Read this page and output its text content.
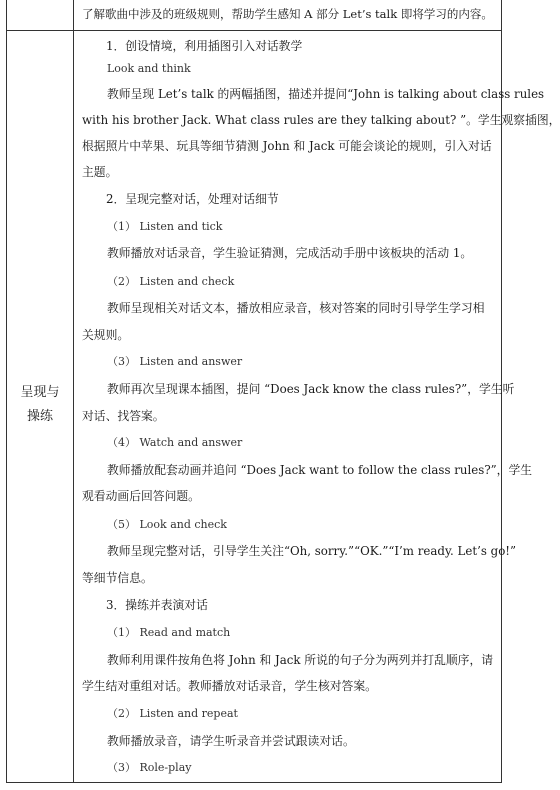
了解歌曲中涉及的班级规则，帮助学生感知 A 部分 Let’s talk 即将学习的内容。
呈现与
操练
1．创设情境，利用插图引入对话教学
Look and think
教师呈现 Let’s talk 的两幅插图，描述并提问“John is talking about class rules
with his brother Jack. What class rules are they talking about? ”。学生观察插图，
根据照片中苹果、玩具等细节猜测 John 和 Jack 可能会谈论的规则，引入对话
主题。
2．呈现完整对话，处理对话细节
（1） Listen and tick
教师播放对话录音，学生验证猜测，完成活动手册中该板块的活动 1。
（2） Listen and check
教师呈现相关对话文本，播放相应录音，核对答案的同时引导学生学习相
关规则。
（3） Listen and answer
教师再次呈现课本插图，提问 “Does Jack know the class rules?”，学生听
对话、找答案。
（4） Watch and answer
教师播放配套动画并追问 “Does Jack want to follow the class rules?”，学生
观看动画后回答问题。
（5） Look and check
教师呈现完整对话，引导学生关注“Oh, sorry.”“OK.”“I’m ready. Let’s go!”
等细节信息。
3．操练并表演对话
（1） Read and match
教师利用课件按角色将 John 和 Jack 所说的句子分为两列并打乱顺序，请
学生结对重组对话。教师播放对话录音，学生核对答案。
（2） Listen and repeat
教师播放录音，请学生听录音并尝试跟读对话。
（3） Role-play
